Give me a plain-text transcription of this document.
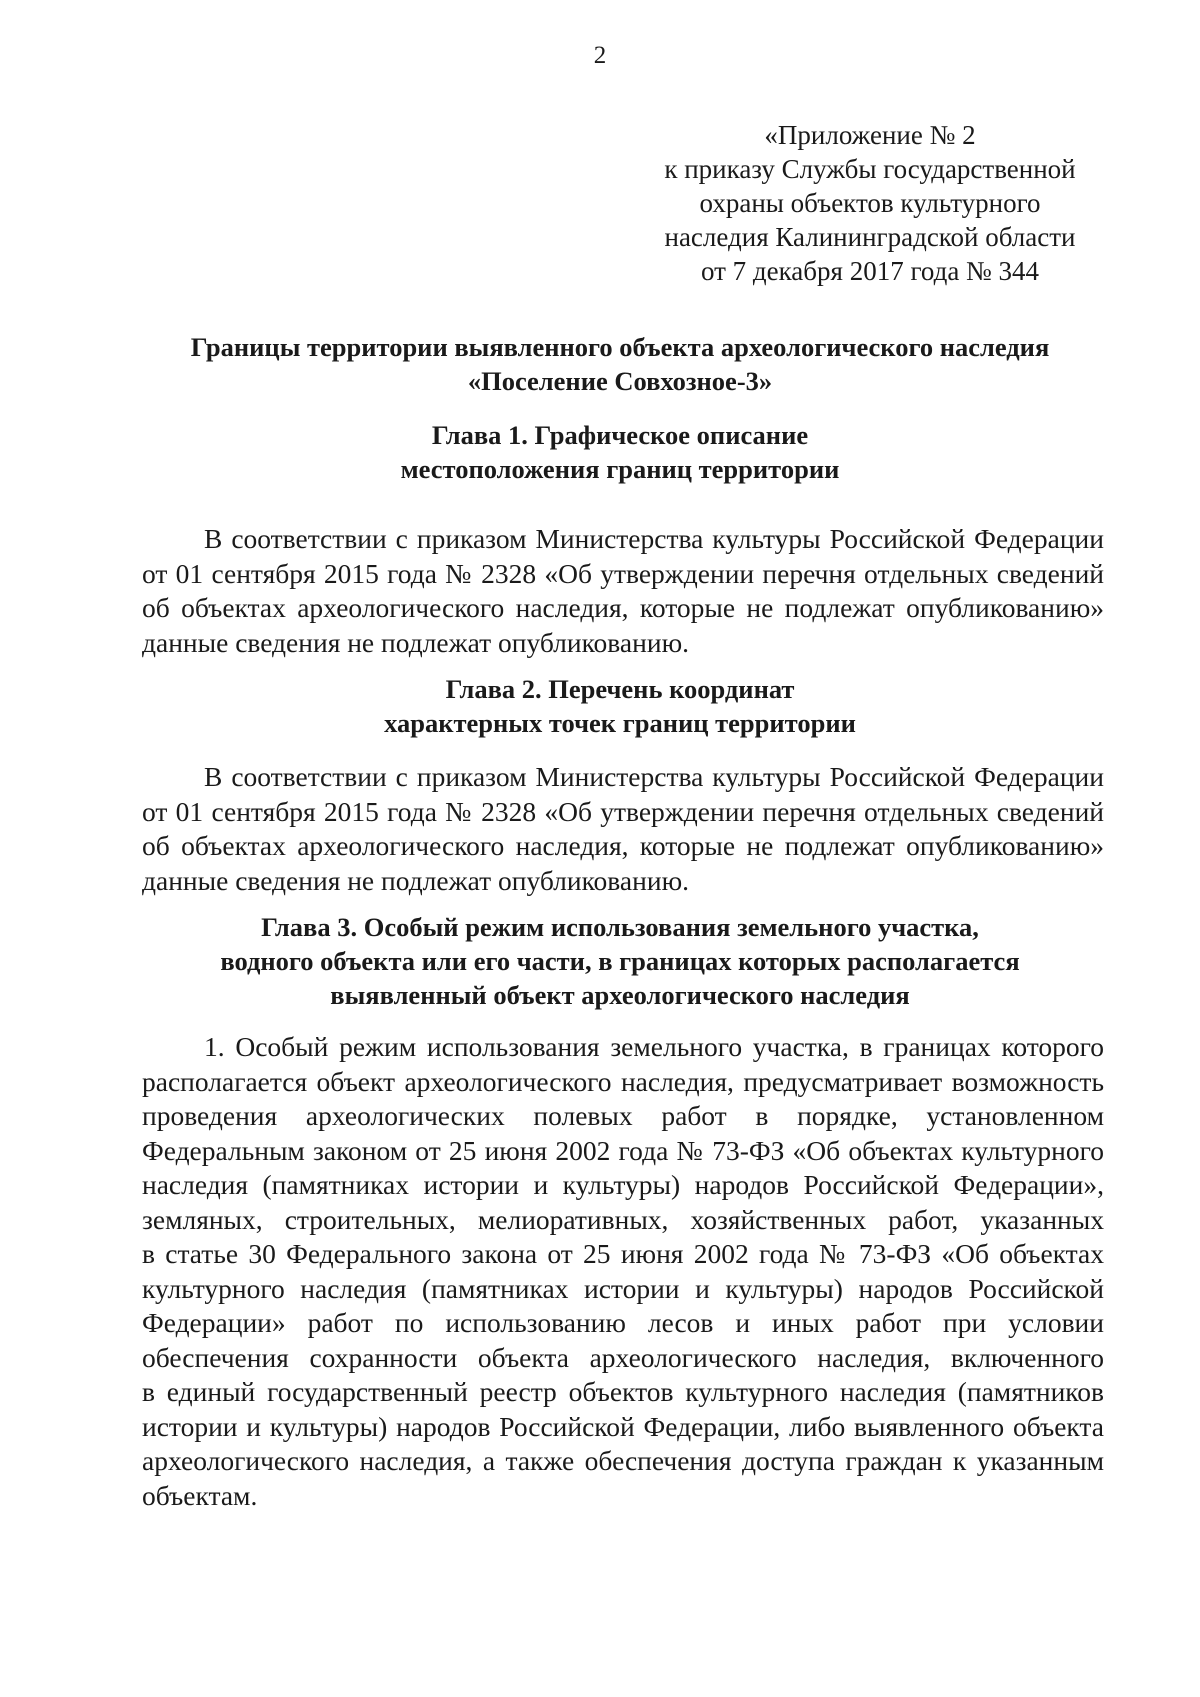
2
«Приложение № 2
к приказу Службы государственной
охраны объектов культурного
наследия Калининградской области
от 7 декабря 2017 года № 344
Границы территории выявленного объекта археологического наследия
«Поселение Совхозное-3»
Глава 1. Графическое описание
местоположения границ территории
В соответствии с приказом Министерства культуры Российской Федерации
от 01 сентября 2015 года № 2328 «Об утверждении перечня отдельных сведений
об объектах археологического наследия, которые не подлежат опубликованию»
данные сведения не подлежат опубликованию.
Глава 2. Перечень координат
характерных точек границ территории
В соответствии с приказом Министерства культуры Российской Федерации
от 01 сентября 2015 года № 2328 «Об утверждении перечня отдельных сведений
об объектах археологического наследия, которые не подлежат опубликованию»
данные сведения не подлежат опубликованию.
Глава 3. Особый режим использования земельного участка,
водного объекта или его части, в границах которых располагается
выявленный объект археологического наследия
1. Особый режим использования земельного участка, в границах которого
располагается объект археологического наследия, предусматривает возможность
проведения археологических полевых работ в порядке, установленном
Федеральным законом от 25 июня 2002 года № 73-ФЗ «Об объектах культурного
наследия (памятниках истории и культуры) народов Российской Федерации»,
земляных, строительных, мелиоративных, хозяйственных работ, указанных
в статье 30 Федерального закона от 25 июня 2002 года № 73-ФЗ «Об объектах
культурного наследия (памятниках истории и культуры) народов Российской
Федерации» работ по использованию лесов и иных работ при условии
обеспечения сохранности объекта археологического наследия, включенного
в единый государственный реестр объектов культурного наследия (памятников
истории и культуры) народов Российской Федерации, либо выявленного объекта
археологического наследия, а также обеспечения доступа граждан к указанным
объектам.
